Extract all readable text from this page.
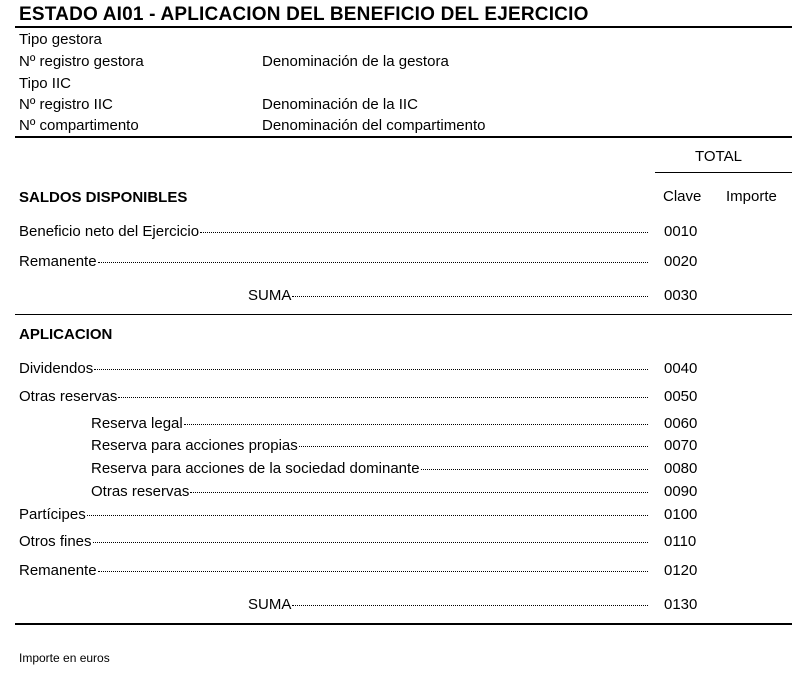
ESTADO AI01 - APLICACION DEL BENEFICIO DEL EJERCICIO
Tipo gestora
Nº registro gestora	Denominación de la gestora
Tipo IIC
Nº registro IIC	Denominación de la IIC
Nº compartimento	Denominación del compartimento
TOTAL
Clave Importe
SALDOS DISPONIBLES
Beneficio neto del Ejercicio	0010
Remanente	0020
SUMA	0030
APLICACION
Dividendos	0040
Otras reservas	0050
Reserva legal	0060
Reserva para acciones propias	0070
Reserva para acciones de la sociedad dominante	0080
Otras reservas	0090
Partícipes	0100
Otros fines	0110
Remanente	0120
SUMA	0130
Importe en euros
